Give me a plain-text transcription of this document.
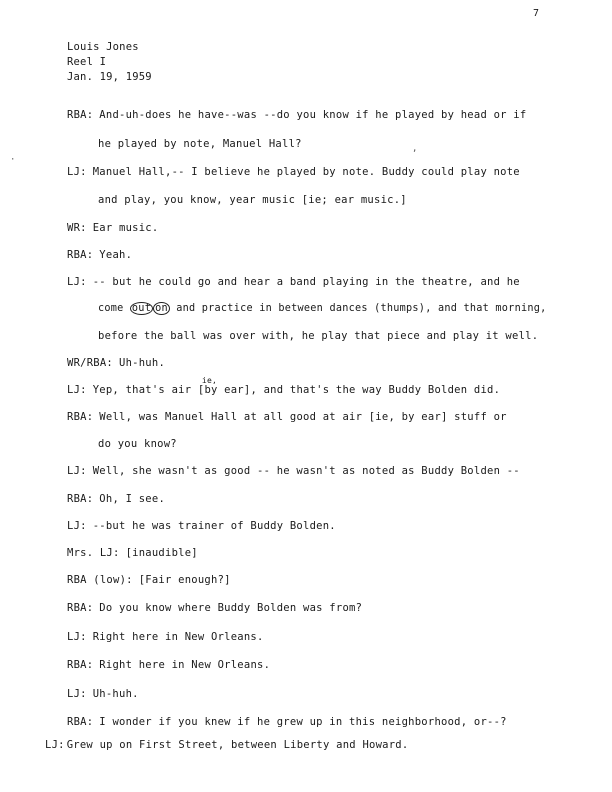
7
Louis Jones
Reel I
Jan. 19, 1959
·
,
RBA: And-uh-does he have--was --do you know if he played by head or if
he played by note, Manuel Hall?
LJ: Manuel Hall,-- I believe he played by note. Buddy could play note
and play, you know, year music [ie; ear music.]
WR: Ear music.
RBA: Yeah.
LJ: -- but he could go and hear a band playing in the theatre, and he
come out on and practice in between dances (thumps), and that morning,
before the ball was over with, he play that piece and play it well.
WR/RBA: Uh-huh.
LJ: Yep, that's air
ie,
[by ear], and that's the way Buddy Bolden did.
RBA: Well, was Manuel Hall at all good at air [ie, by ear] stuff or
do you know?
LJ: Well, she wasn't as good -- he wasn't as noted as Buddy Bolden --
RBA: Oh, I see.
LJ: --but he was trainer of Buddy Bolden.
Mrs. LJ: [inaudible]
RBA (low): [Fair enough?]
RBA: Do you know where Buddy Bolden was from?
LJ: Right here in New Orleans.
RBA: Right here in New Orleans.
LJ: Uh-huh.
RBA: I wonder if you knew if he grew up in this neighborhood, or--?
LJ: Grew up on First Street, between Liberty and Howard.
